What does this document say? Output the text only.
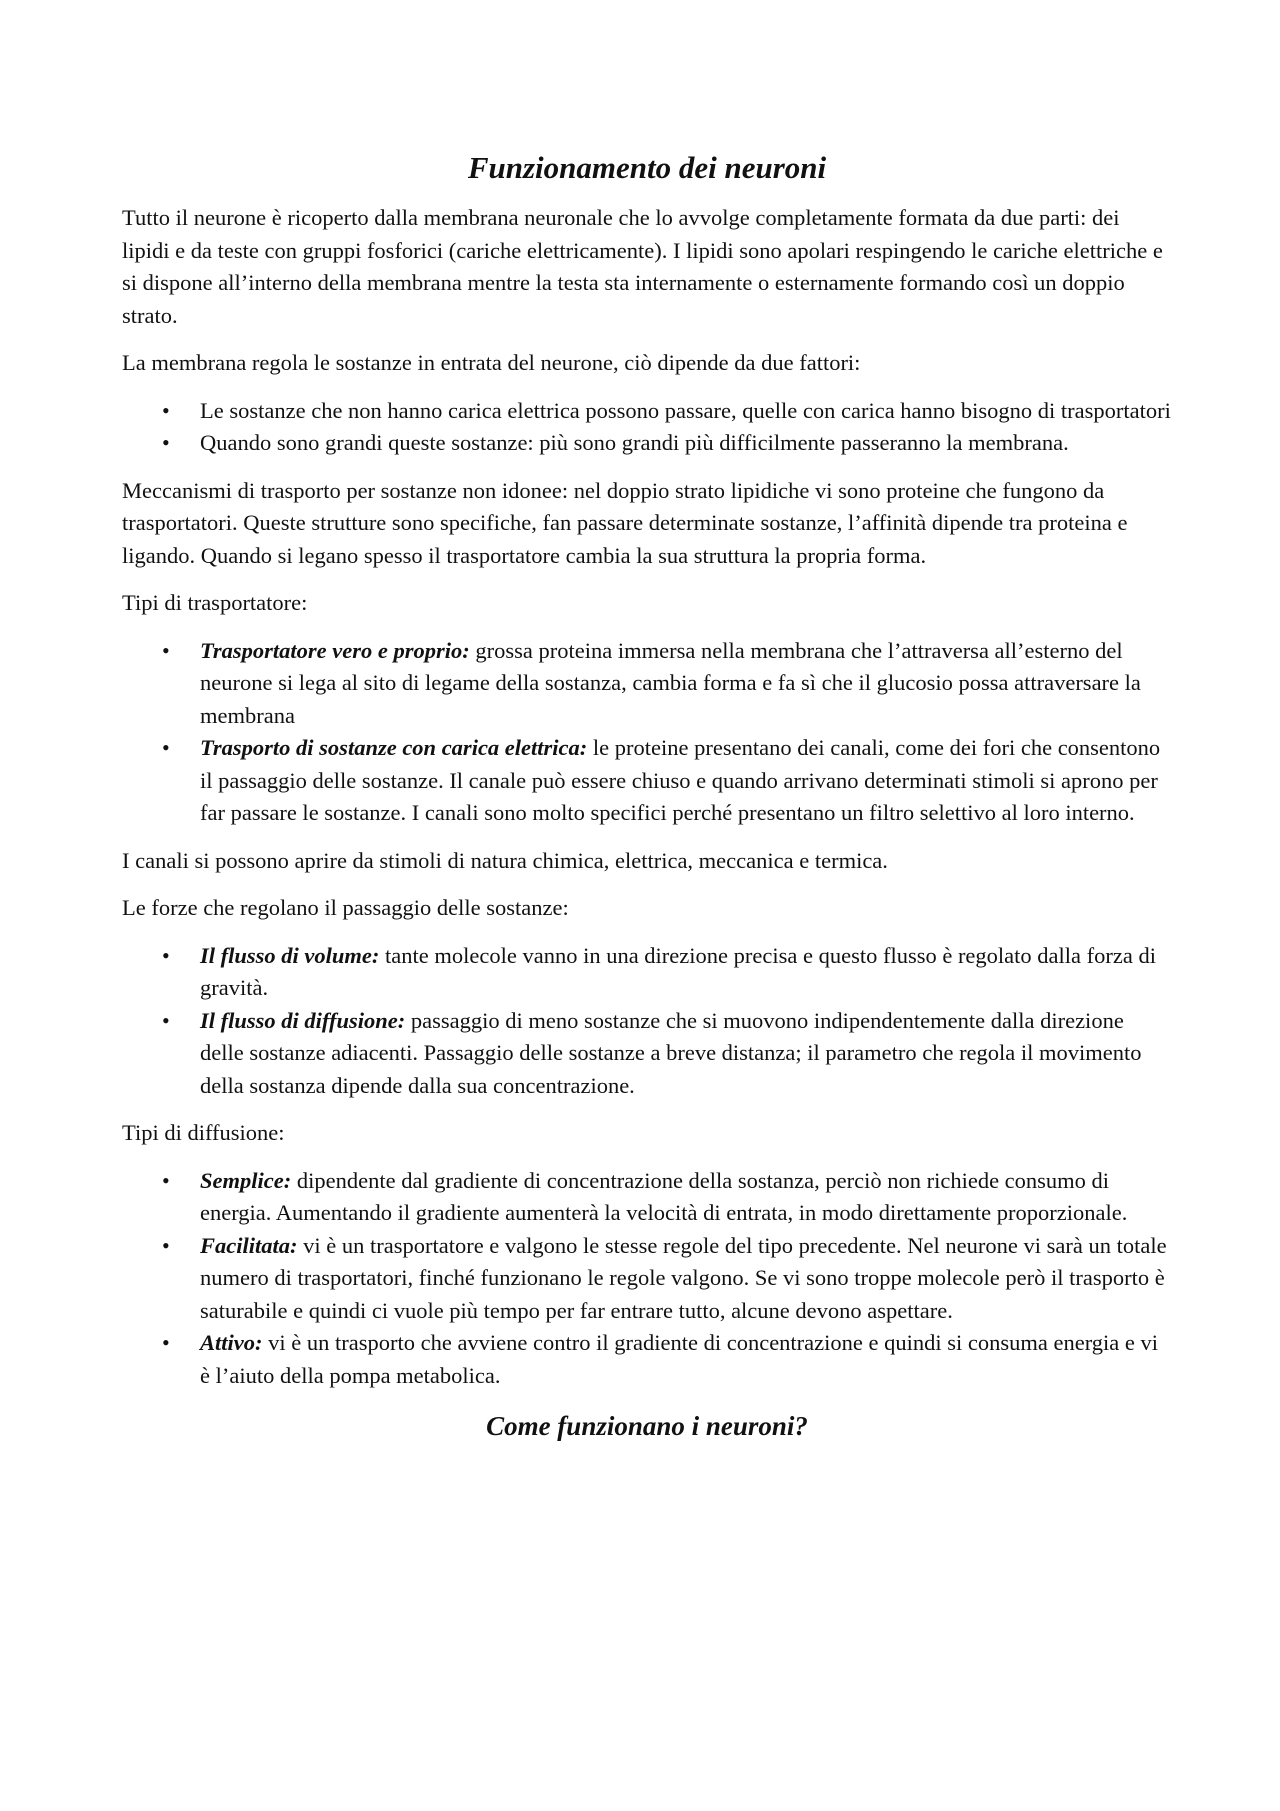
Funzionamento dei neuroni

Tutto il neurone è ricoperto dalla membrana neuronale che lo avvolge completamente formata da due parti: dei lipidi e da teste con gruppi fosforici (cariche elettricamente). I lipidi sono apolari respingendo le cariche elettriche e si dispone all’interno della membrana mentre la testa sta internamente o esternamente formando così un doppio strato.

La membrana regola le sostanze in entrata del neurone, ciò dipende da due fattori:

• Le sostanze che non hanno carica elettrica possono passare, quelle con carica hanno bisogno di trasportatori
• Quando sono grandi queste sostanze: più sono grandi più difficilmente passeranno la membrana.

Meccanismi di trasporto per sostanze non idonee: nel doppio strato lipidiche vi sono proteine che fungono da trasportatori. Queste strutture sono specifiche, fan passare determinate sostanze, l’affinità dipende tra proteina e ligando. Quando si legano spesso il trasportatore cambia la sua struttura la propria forma.

Tipi di trasportatore:

• Trasportatore vero e proprio: grossa proteina immersa nella membrana che l’attraversa all’esterno del neurone si lega al sito di legame della sostanza, cambia forma e fa sì che il glucosio possa attraversare la membrana
• Trasporto di sostanze con carica elettrica: le proteine presentano dei canali, come dei fori che consentono il passaggio delle sostanze. Il canale può essere chiuso e quando arrivano determinati stimoli si aprono per far passare le sostanze. I canali sono molto specifici perché presentano un filtro selettivo al loro interno.

I canali si possono aprire da stimoli di natura chimica, elettrica, meccanica e termica.

Le forze che regolano il passaggio delle sostanze:

• Il flusso di volume: tante molecole vanno in una direzione precisa e questo flusso è regolato dalla forza di gravità.
• Il flusso di diffusione: passaggio di meno sostanze che si muovono indipendentemente dalla direzione delle sostanze adiacenti. Passaggio delle sostanze a breve distanza; il parametro che regola il movimento della sostanza dipende dalla sua concentrazione.

Tipi di diffusione:

• Semplice: dipendente dal gradiente di concentrazione della sostanza, perciò non richiede consumo di energia. Aumentando il gradiente aumenterà la velocità di entrata, in modo direttamente proporzionale.
• Facilitata: vi è un trasportatore e valgono le stesse regole del tipo precedente. Nel neurone vi sarà un totale numero di trasportatori, finché funzionano le regole valgono. Se vi sono troppe molecole però il trasporto è saturabile e quindi ci vuole più tempo per far entrare tutto, alcune devono aspettare.
• Attivo: vi è un trasporto che avviene contro il gradiente di concentrazione e quindi si consuma energia e vi è l’aiuto della pompa metabolica.
Come funzionano i neuroni?
